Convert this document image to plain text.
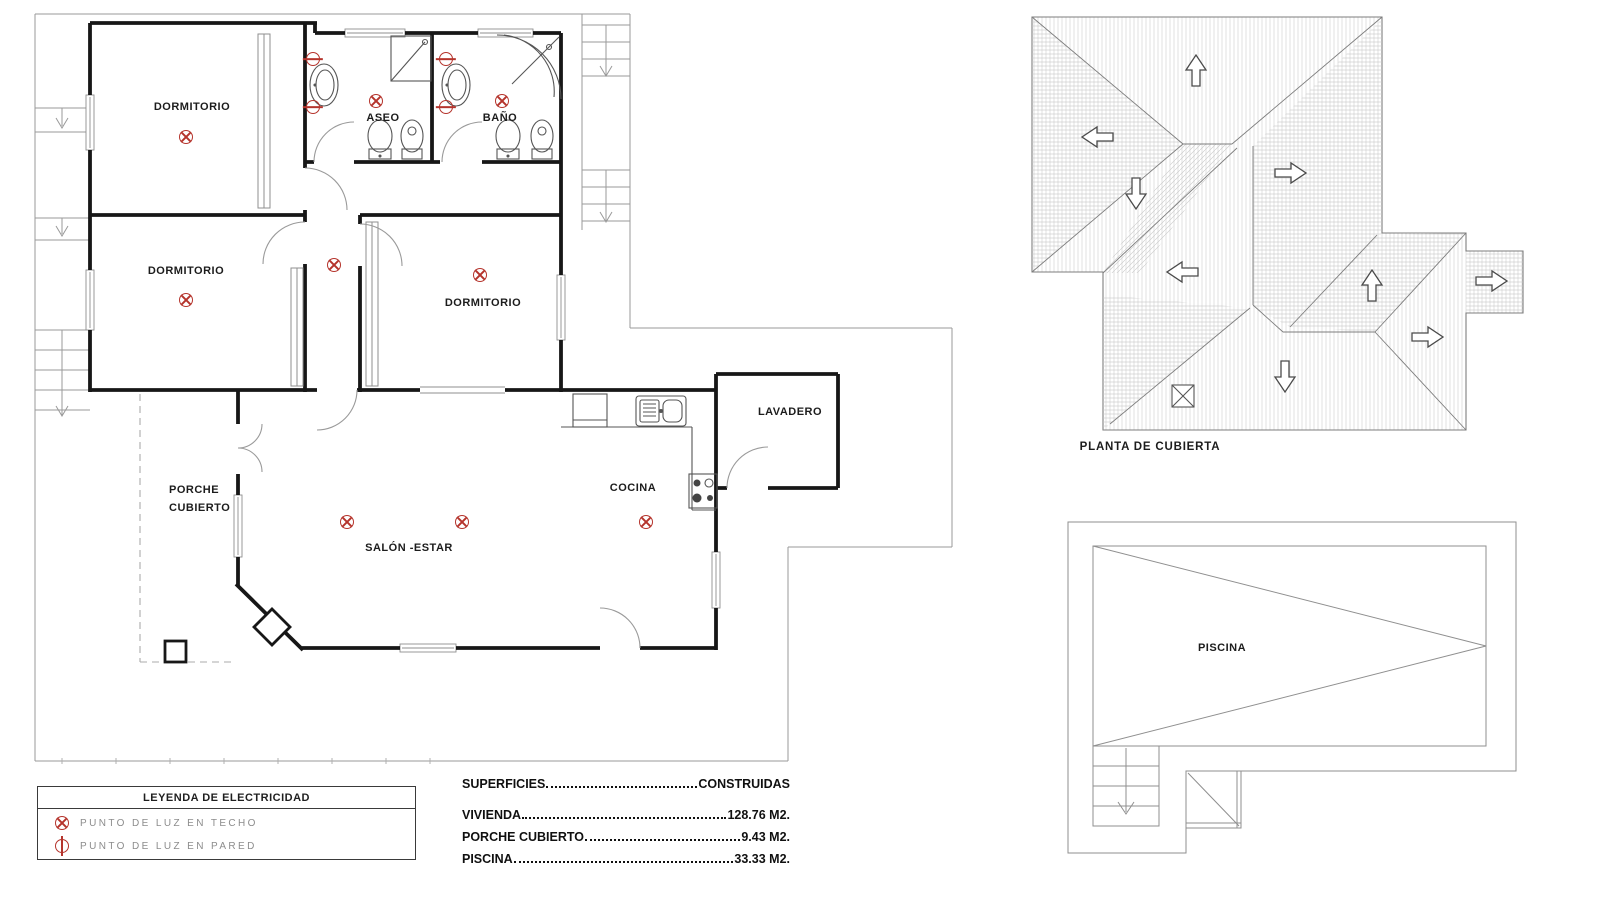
LEYENDA DE ELECTRICIDAD
PUNTO DE LUZ EN TECHO
PUNTO DE LUZ EN PARED
SUPERFICIES	CONSTRUIDAS
VIVIENDA	128.76 M2.
PORCHE CUBIERTO	9.43 M2.
PISCINA	33.33 M2.
DORMITORIO
ASEO	BAÑO
DORMITORIO
DORMITORIO
LAVADERO
COCINA
PORCHE
CUBIERTO
SALÓN -ESTAR
PLANTA DE CUBIERTA
PISCINA
